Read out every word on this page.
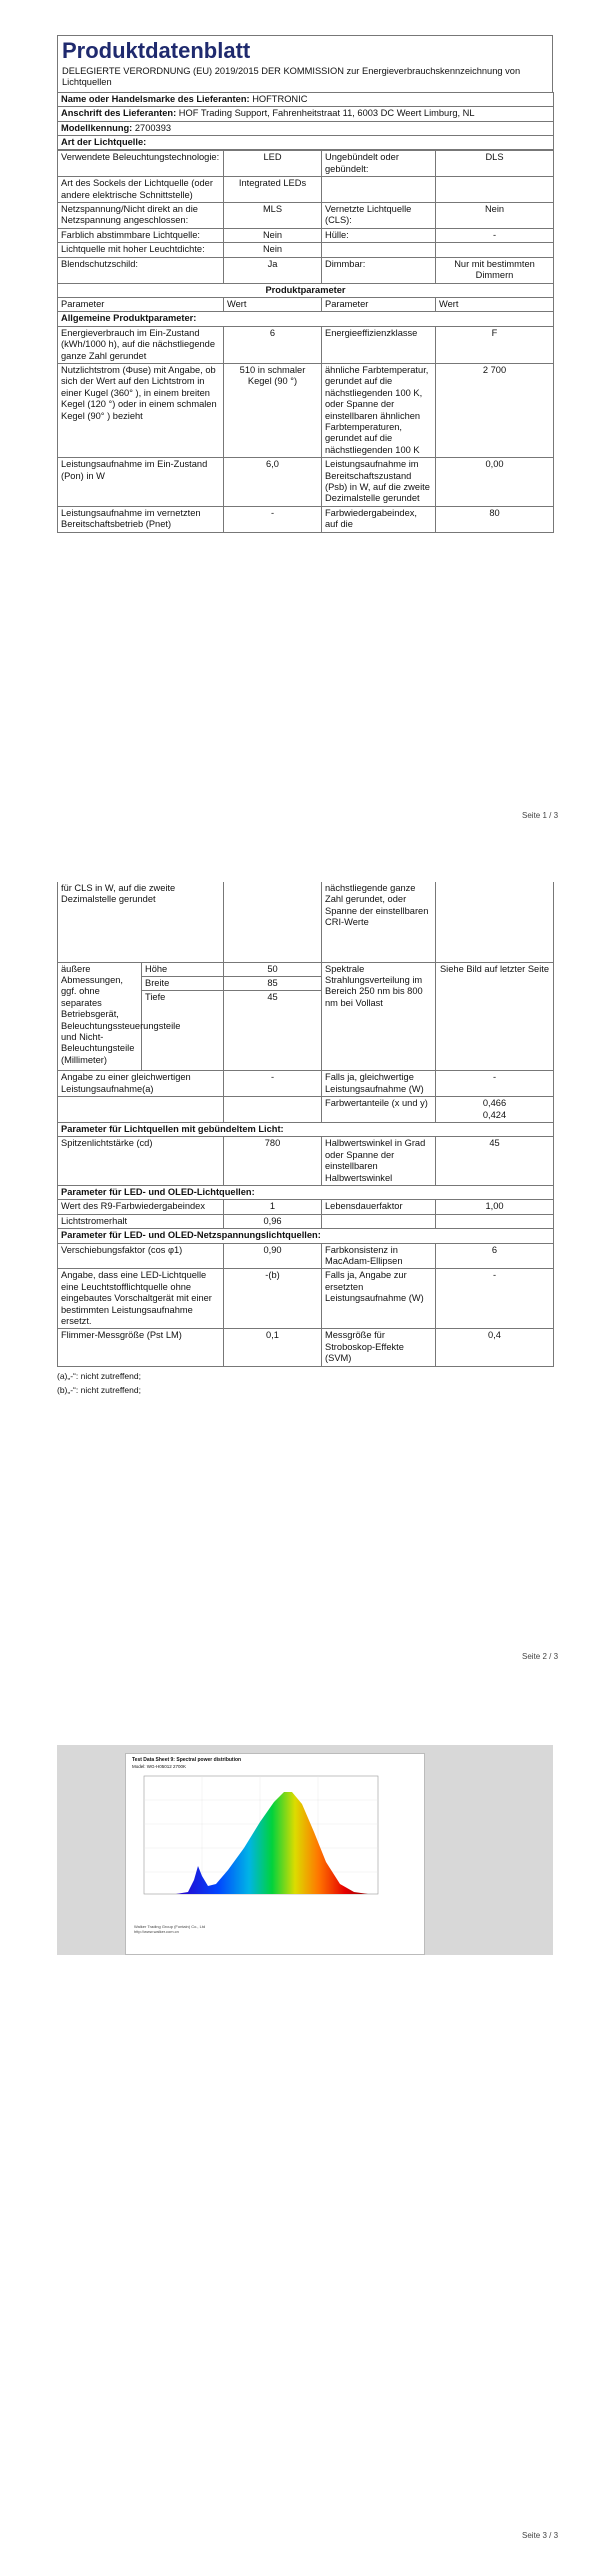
Produktdatenblatt
DELEGIERTE VERORDNUNG (EU) 2019/2015 DER KOMMISSION zur Energieverbrauchskennzeichnung von Lichtquellen
Name oder Handelsmarke des Lieferanten: HOFTRONIC
Anschrift des Lieferanten: HOF Trading Support, Fahrenheitstraat 11, 6003 DC Weert Limburg, NL
Modellkennung: 2700393
Art der Lichtquelle:
Verwendete Beleuchtungstechnologie:	LED	Ungebündelt oder gebündelt:	DLS
Art des Sockels der Lichtquelle (oder andere elektrische Schnittstelle)	Integrated LEDs		
Netzspannung/Nicht direkt an die Netzspannung angeschlossen:	MLS	Vernetzte Lichtquelle (CLS):	Nein
Farblich abstimmbare Lichtquelle:	Nein	Hülle:	-
Lichtquelle mit hoher Leuchtdichte:	Nein		
Blendschutzschild:	Ja	Dimmbar:	Nur mit bestimmten Dimmern
Produktparameter			
Parameter	Wert	Parameter	Wert
Allgemeine Produktparameter:			
Energieverbrauch im Ein-Zustand (kWh/1000 h), auf die nächstliegende ganze Zahl gerundet	6	Energieeffizienzklasse	F
Nutzlichtstrom (Φuse) mit Angabe, ob sich der Wert auf den Lichtstrom in einer Kugel (360° ), in einem breiten Kegel (120 °) oder in einem schmalen Kegel (90° ) bezieht	510 in schmaler Kegel (90 °)	ähnliche Farbtemperatur, gerundet auf die nächstliegenden 100 K, oder Spanne der einstellbaren ähnlichen Farbtemperaturen, gerundet auf die nächstliegenden 100 K	2 700
Leistungsaufnahme im Ein-Zustand (Pon) in W	6,0	Leistungsaufnahme im Bereitschaftszustand (Psb) in W, auf die zweite Dezimalstelle gerundet	0,00
Leistungsaufnahme im vernetzten Bereitschaftsbetrieb (Pnet)	-	Farbwiedergabeindex, auf die	80
Seite 1 / 3
für CLS in W, auf die zweite Dezimalstelle gerundet			nächstliegende ganze Zahl gerundet, oder Spanne der einstellbaren CRI-Werte	
äußere Abmessungen, ggf. ohne separates Betriebsgerät, Beleuchtungssteuerungsteile und Nicht-Beleuchtungsteile (Millimeter)	Höhe	50	Spektrale Strahlungsverteilung im Bereich 250 nm bis 800 nm bei Vollast	Siehe Bild auf letzter Seite
	Breite	85		
	Tiefe	45		
Angabe zu einer gleichwertigen Leistungsaufnahme(a)		-	Falls ja, gleichwertige Leistungsaufnahme (W)	-
			Farbwertanteile (x und y)	0,466
0,424
Parameter für Lichtquellen mit gebündeltem Licht:				
Spitzenlichtstärke (cd)		780	Halbwertswinkel in Grad oder Spanne der einstellbaren Halbwertswinkel	45
Parameter für LED- und OLED-Lichtquellen:				
Wert des R9-Farbwiedergabeindex		1	Lebensdauerfaktor	1,00
Lichtstromerhalt		0,96		
Parameter für LED- und OLED-Netzspannungslichtquellen:				
Verschiebungsfaktor (cos φ1)		0,90	Farbkonsistenz in MacAdam-Ellipsen	6
Angabe, dass eine LED-Lichtquelle eine Leuchtstofflichtquelle ohne eingebautes Vorschaltgerät mit einer bestimmten Leistungsaufnahme ersetzt.		-(b)	Falls ja, Angabe zur ersetzten Leistungsaufnahme (W)	-
Flimmer-Messgröße (Pst LM)		0,1	Messgröße für Stroboskop-Effekte (SVM)	0,4
(a)„-“: nicht zutreffend;
(b)„-“: nicht zutreffend;
Seite 2 / 3
Test Data Sheet 9: Spectral power distribution
Model: WG-H05012 2700K
Walker Trading Group (Fontain) Co., Ltd
http://www.walker.com.cn
Seite 3 / 3
